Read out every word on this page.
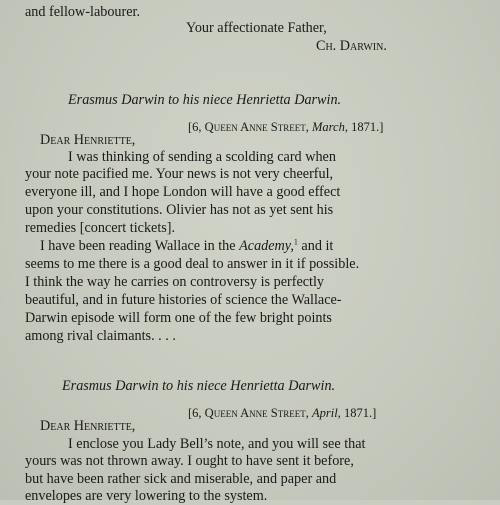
and fellow-labourer.
Your affectionate Father,
Ch. Darwin.
Erasmus Darwin to his niece Henrietta Darwin.
[6, Queen Anne Street, March, 1871.]
Dear Henriette,
I was thinking of sending a scolding card when
your note pacified me. Your news is not very cheerful,
everyone ill, and I hope London will have a good effect
upon your constitutions. Olivier has not as yet sent his
remedies [concert tickets].
I have been reading Wallace in the Academy,$^1$ and it
seems to me there is a good deal to answer in it if possible.
I think the way he carries on controversy is perfectly
beautiful, and in future histories of science the Wallace-
Darwin episode will form one of the few bright points
among rival claimants. . . .
Erasmus Darwin to his niece Henrietta Darwin.
[6, Queen Anne Street, April, 1871.]
Dear Henriette,
I enclose you Lady Bell’s note, and you will see that
yours was not thrown away. I ought to have sent it before,
but have been rather sick and miserable, and paper and
envelopes are very lowering to the system.
